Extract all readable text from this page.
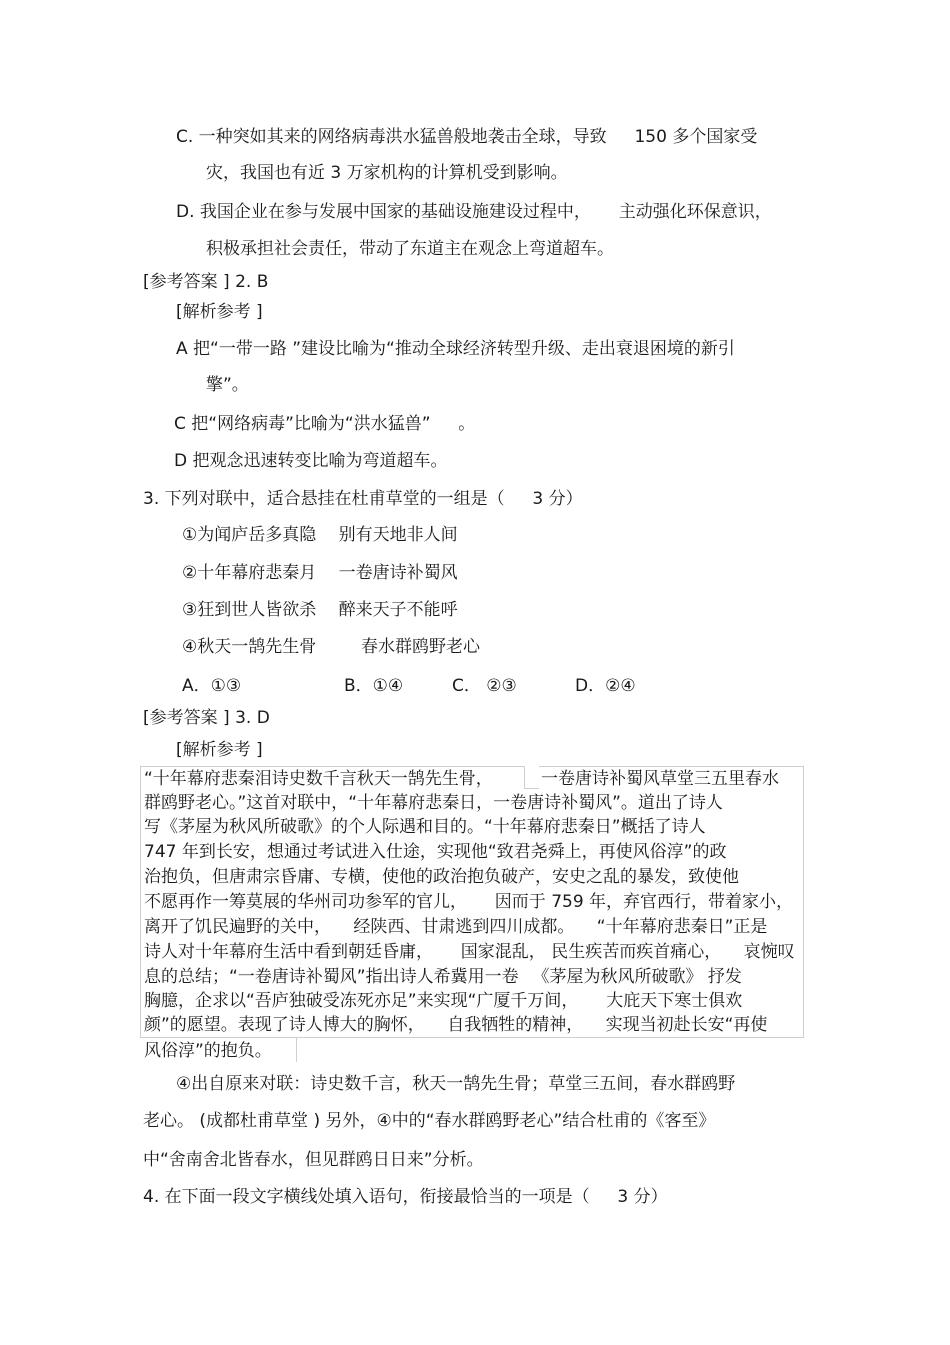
C. 一种突如其来的网络病毒洪水猛兽般地袭击全球，导致 　 150 多个国家受
灾，我国也有近 3 万家机构的计算机受到影响。
D. 我国企业在参与发展中国家的基础设施建设过程中， 　 主动强化环保意识，
积极承担社会责任，带动了东道主在观念上弯道超车。
[参考答案 ] 2. B
[解析参考 ]
A 把“一带一路 ”建设比喻为“推动全球经济转型升级、走出衰退困境的新引
擎”。
C 把“网络病毒”比喻为“洪水猛兽” 　 。
D 把观念迅速转变比喻为弯道超车。
3. 下列对联中，适合悬挂在杜甫草堂的一组是（ 　 3 分）
①为闻庐岳多真隐 　别有天地非人间
②十年幕府悲秦月 　一卷唐诗补蜀风
③狂到世人皆欲杀 　醉来天子不能呼
④秋天一鹄先生骨 　 　春水群鸥野老心
A．①③	B．①④	C． ②③	D．②④
[参考答案 ] 3. D
[解析参考 ]
“十年幕府悲秦泪诗史数千言秋天一鹄先生骨，	一卷唐诗补蜀风草堂三五里春水
群鸥野老心。”这首对联中，“十年幕府悲秦日，一卷唐诗补蜀风”。道出了诗人
写《茅屋为秋风所破歌》的个人际遇和目的。“十年幕府悲秦日”概括了诗人
747 年到长安，想通过考试进入仕途，实现他“致君尧舜上，再使风俗淳”的政
治抱负，但唐肃宗昏庸、专横，使他的政治抱负破产，安史之乱的暴发，致使他
不愿再作一筹莫展的华州司功参军的官儿， 　 因而于 759 年，弃官西行，带着家小，
离开了饥民遍野的关中， 　经陕西、甘肃逃到四川成都。 　“十年幕府悲秦日”正是
诗人对十年幕府生活中看到朝廷昏庸， 　 国家混乱， 民生疾苦而疾首痛心， 　哀惋叹
息的总结；“一卷唐诗补蜀风”指出诗人希冀用一卷 　《茅屋为秋风所破歌》 抒发
胸臆，企求以“吾庐独破受冻死亦足”来实现“广厦千万间， 　 大庇天下寒士俱欢
颜”的愿望。表现了诗人博大的胸怀， 　自我牺牲的精神， 　实现当初赴长安“再使
风俗淳”的抱负。
④出自原来对联：诗史数千言，秋天一鹄先生骨；草堂三五间，春水群鸥野
老心。 (成都杜甫草堂 ) 另外，④中的“春水群鸥野老心”结合杜甫的《客至》
中“舍南舍北皆春水，但见群鸥日日来”分析。
4. 在下面一段文字横线处填入语句，衔接最恰当的一项是（ 　 3 分）
